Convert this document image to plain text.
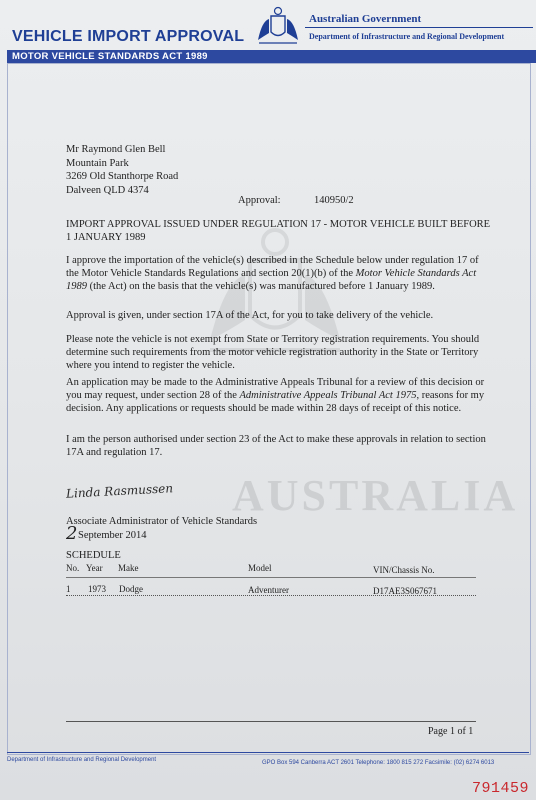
AUSTRALIA
VEHICLE IMPORT APPROVAL
MOTOR VEHICLE STANDARDS ACT 1989
Australian Government
Department of Infrastructure and Regional Development
Mr Raymond Glen Bell
Mountain Park
3269 Old Stanthorpe Road
Dalveen QLD 4374
Approval:	140950/2
IMPORT APPROVAL ISSUED UNDER REGULATION 17 - MOTOR VEHICLE BUILT BEFORE 1 JANUARY 1989
I approve the importation of the vehicle(s) described in the Schedule below under regulation 17 of the Motor Vehicle Standards Regulations and section 20(1)(b) of the Motor Vehicle Standards Act 1989 (the Act) on the basis that the vehicle(s) was manufactured before 1 January 1989.
Approval is given, under section 17A of the Act, for you to take delivery of the vehicle.
Please note the vehicle is not exempt from State or Territory registration requirements. You should determine such requirements from the motor vehicle registration authority in the State or Territory where you intend to register the vehicle.
An application may be made to the Administrative Appeals Tribunal for a review of this decision or you may request, under section 28 of the Administrative Appeals Tribunal Act 1975, reasons for my decision. Any applications or requests should be made within 28 days of receipt of this notice.
I am the person authorised under section 23 of the Act to make these approvals in relation to section 17A and regulation 17.
Linda Rasmussen
Associate Administrator of Vehicle Standards
2 September 2014
SCHEDULE
No. Year Make	Model	VIN/Chassis No.
1 1973 Dodge	Adventurer	D17AE3S067671
Page 1 of 1
Department of Infrastructure and Regional Development	GPO Box 594 Canberra ACT 2601 Telephone: 1800 815 272 Facsimile: (02) 6274 6013
791459
